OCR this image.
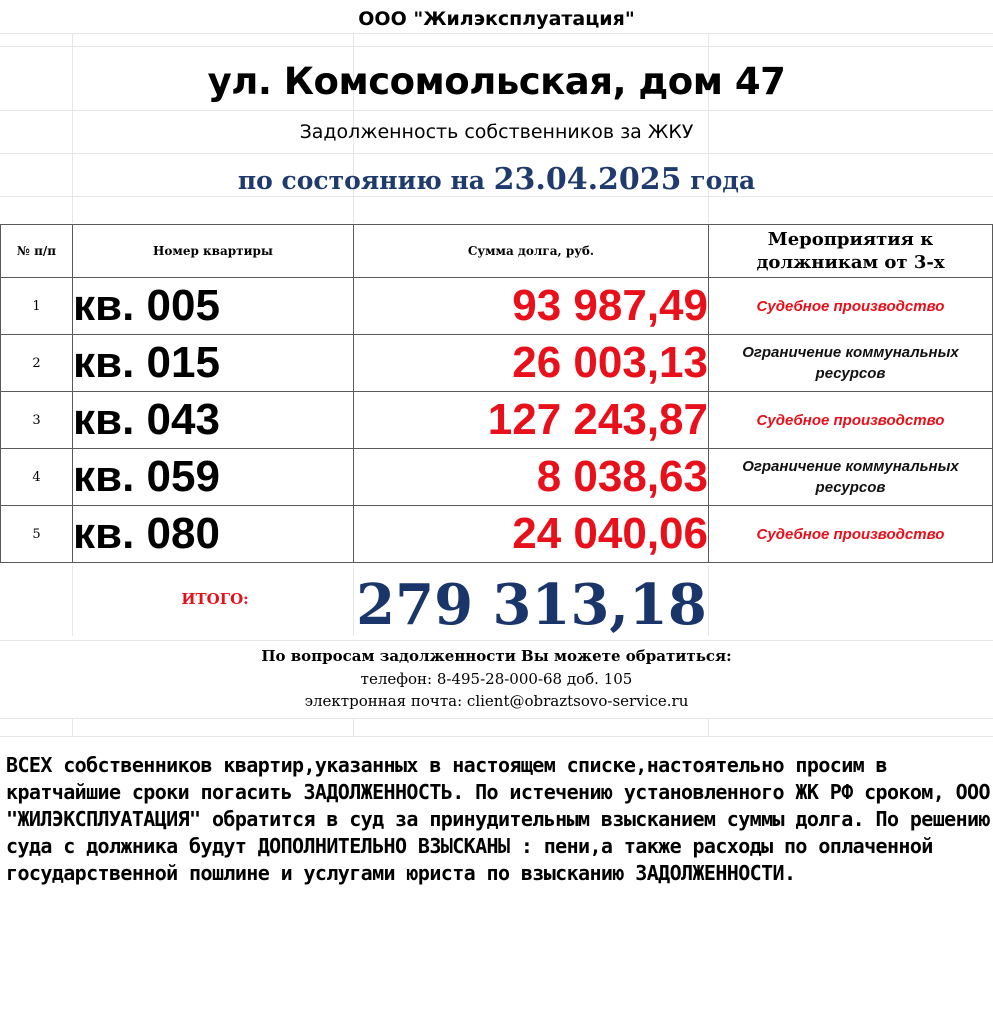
ООО "Жилэксплуатация"
ул. Комсомольская, дом 47
Задолженность собственников за ЖКУ
по состоянию на 23.04.2025 года
№ п/п	Номер квартиры	Сумма долга, руб.	Мероприятия к должникам от 3-х
1	кв. 005	93 987,49	Судебное производство
2	кв. 015	26 003,13	Ограничение коммунальных ресурсов
3	кв. 043	127 243,87	Судебное производство
4	кв. 059	8 038,63	Ограничение коммунальных ресурсов
5	кв. 080	24 040,06	Судебное производство
ИТОГО:	279 313,18
По вопросам задолженности Вы можете обратиться:
телефон: 8-495-28-000-68 доб. 105
электронная почта: client@obraztsovo-service.ru

ВСЕХ собственников квартир,указанных в настоящем списке,настоятельно просим в кратчайшие сроки погасить ЗАДОЛЖЕННОСТЬ. По истечению установленного ЖК РФ сроком, ООО "ЖИЛЭКСПЛУАТАЦИЯ" обратится в суд за принудительным взысканием суммы долга. По решению суда с должника будут ДОПОЛНИТЕЛЬНО ВЗЫСКАНЫ : пени,а также расходы по оплаченной государственной пошлине и услугами юриста по взысканию ЗАДОЛЖЕННОСТИ.
